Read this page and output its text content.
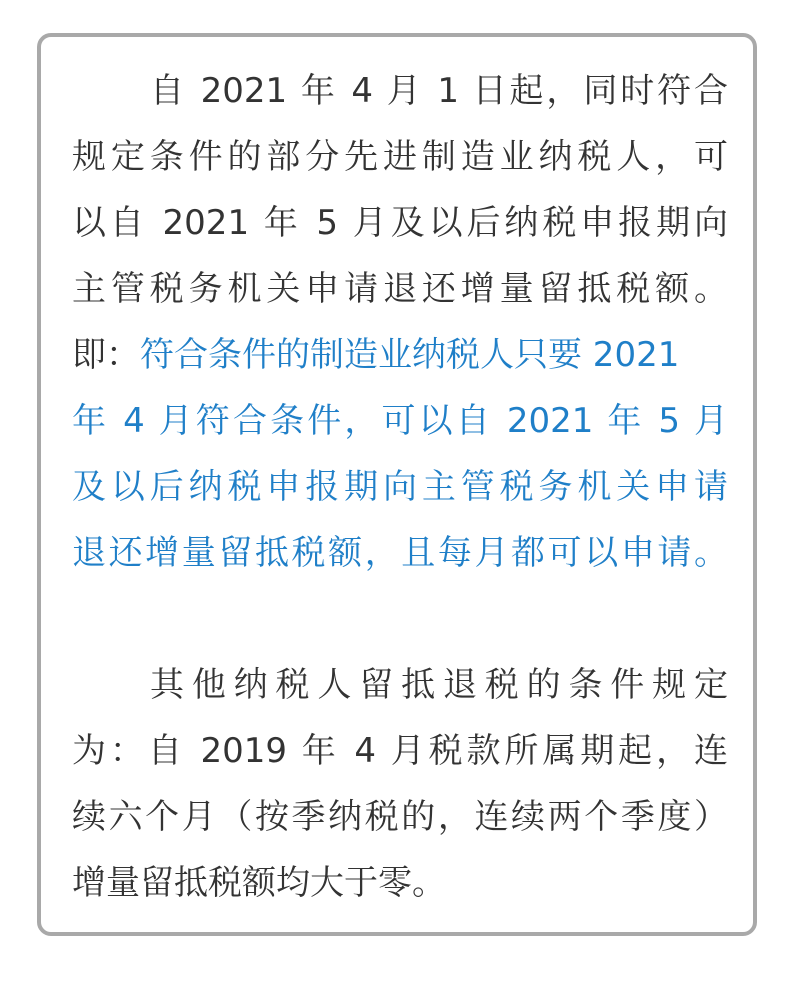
自 2021 年 4 月 1 日起，同时符合
规定条件的部分先进制造业纳税人，可
以自 2021 年 5 月及以后纳税申报期向
主管税务机关申请退还增量留抵税额。
即：符合条件的制造业纳税人只要 2021
年 4 月符合条件，可以自 2021 年 5 月
及以后纳税申报期向主管税务机关申请
退还增量留抵税额，且每月都可以申请。
其他纳税人留抵退税的条件规定
为：自 2019 年 4 月税款所属期起，连
续六个月（按季纳税的，连续两个季度）
增量留抵税额均大于零。
